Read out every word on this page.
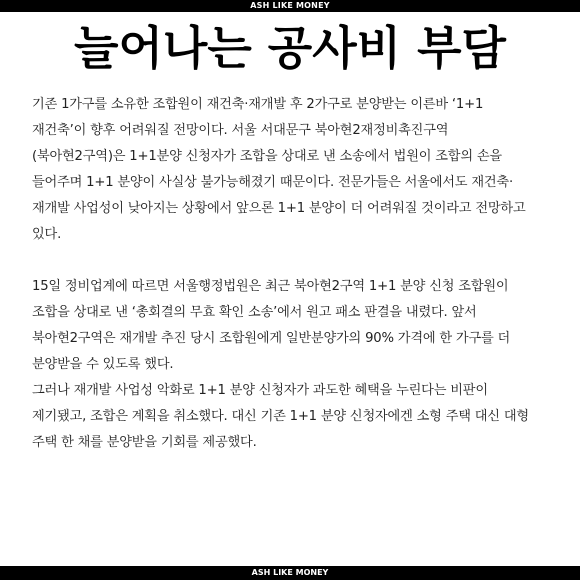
ASH LIKE MONEY
늘어나는 공사비 부담
기존 1가구를 소유한 조합원이 재건축·재개발 후 2가구로 분양받는 이른바 ‘1+1
재건축’이 향후 어려워질 전망이다. 서울 서대문구 북아현2재정비촉진구역
(북아현2구역)은 1+1분양 신청자가 조합을 상대로 낸 소송에서 법원이 조합의 손을
들어주며 1+1 분양이 사실상 불가능해졌기 때문이다. 전문가들은 서울에서도 재건축·
재개발 사업성이 낮아지는 상황에서 앞으론 1+1 분양이 더 어려워질 것이라고 전망하고
있다.
15일 정비업계에 따르면 서울행정법원은 최근 북아현2구역 1+1 분양 신청 조합원이
조합을 상대로 낸 ‘총회결의 무효 확인 소송’에서 원고 패소 판결을 내렸다. 앞서
북아현2구역은 재개발 추진 당시 조합원에게 일반분양가의 90% 가격에 한 가구를 더
분양받을 수 있도록 했다.
그러나 재개발 사업성 악화로 1+1 분양 신청자가 과도한 혜택을 누린다는 비판이
제기됐고, 조합은 계획을 취소했다. 대신 기존 1+1 분양 신청자에겐 소형 주택 대신 대형
주택 한 채를 분양받을 기회를 제공했다.
ASH LIKE MONEY
